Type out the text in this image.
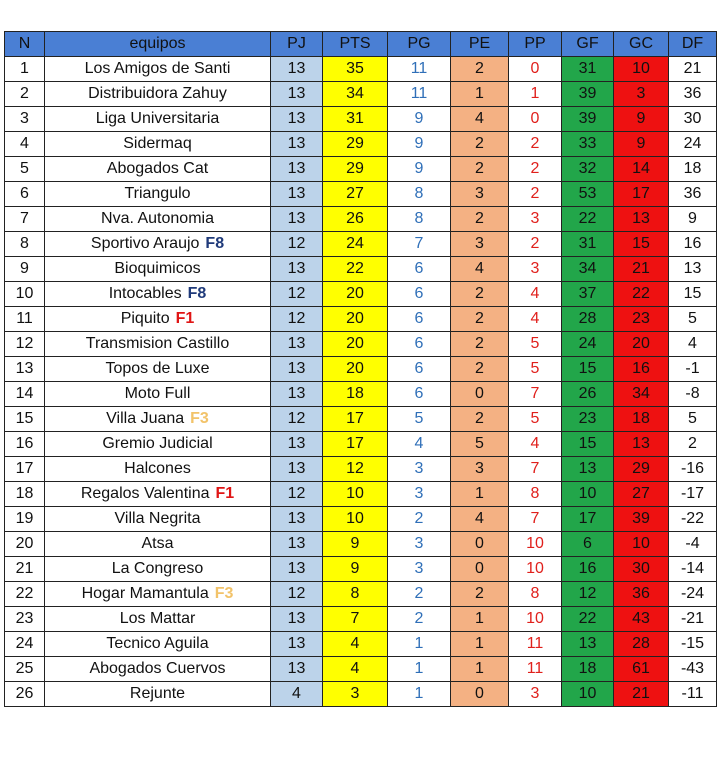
N	equipos	PJ	PTS	PG	PE	PP	GF	GC	DF
1	Los Amigos de Santi	13	35	11	2	0	31	10	21
2	Distribuidora Zahuy	13	34	11	1	1	39	3	36
3	Liga Universitaria	13	31	9	4	0	39	9	30
4	Sidermaq	13	29	9	2	2	33	9	24
5	Abogados Cat	13	29	9	2	2	32	14	18
6	Triangulo	13	27	8	3	2	53	17	36
7	Nva. Autonomia	13	26	8	2	3	22	13	9
8	Sportivo Araujo F8	12	24	7	3	2	31	15	16
9	Bioquimicos	13	22	6	4	3	34	21	13
10	Intocables F8	12	20	6	2	4	37	22	15
11	Piquito F1	12	20	6	2	4	28	23	5
12	Transmision Castillo	13	20	6	2	5	24	20	4
13	Topos de Luxe	13	20	6	2	5	15	16	-1
14	Moto Full	13	18	6	0	7	26	34	-8
15	Villa Juana F3	12	17	5	2	5	23	18	5
16	Gremio Judicial	13	17	4	5	4	15	13	2
17	Halcones	13	12	3	3	7	13	29	-16
18	Regalos Valentina F1	12	10	3	1	8	10	27	-17
19	Villa Negrita	13	10	2	4	7	17	39	-22
20	Atsa	13	9	3	0	10	6	10	-4
21	La Congreso	13	9	3	0	10	16	30	-14
22	Hogar Mamantula F3	12	8	2	2	8	12	36	-24
23	Los Mattar	13	7	2	1	10	22	43	-21
24	Tecnico Aguila	13	4	1	1	11	13	28	-15
25	Abogados Cuervos	13	4	1	1	11	18	61	-43
26	Rejunte	4	3	1	0	3	10	21	-11
